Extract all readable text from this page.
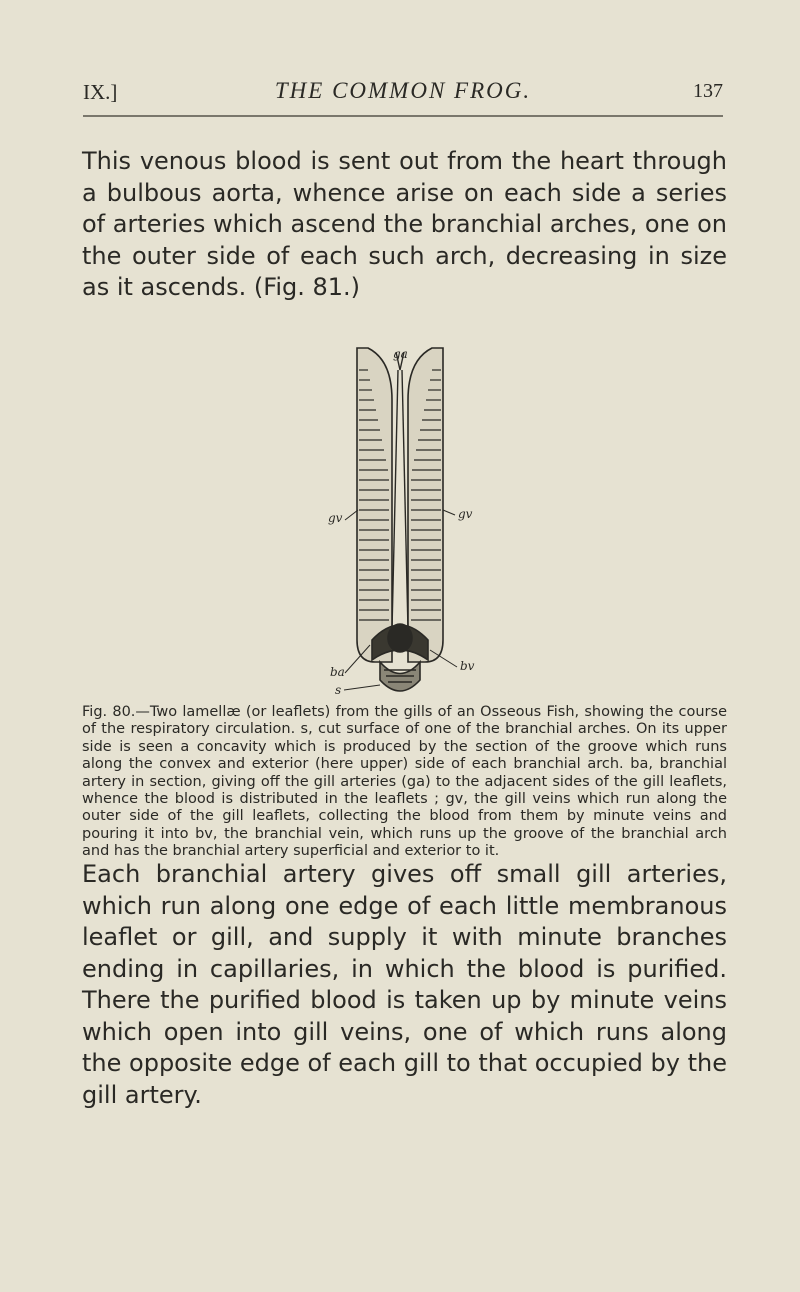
IX.]	THE COMMON FROG.	137
This venous blood is sent out from the heart through a bulbous aorta, whence arise on each side a series of arteries which ascend the branchial arches, one on the outer side of each such arch, decreasing in size as it ascends. (Fig. 81.)
ga
gv	gv
ba	bv
s
Fig. 80.—Two lamellæ (or leaflets) from the gills of an Osseous Fish, showing the course of the respiratory circulation. s, cut surface of one of the branchial arches. On its upper side is seen a concavity which is produced by the section of the groove which runs along the convex and exterior (here upper) side of each branchial arch. ba, branchial artery in section, giving off the gill arteries (ga) to the adjacent sides of the gill leaflets, whence the blood is distributed in the leaflets ; gv, the gill veins which run along the outer side of the gill leaflets, collecting the blood from them by minute veins and pouring it into bv, the branchial vein, which runs up the groove of the branchial arch and has the branchial artery superficial and exterior to it.
Each branchial artery gives off small gill arteries, which run along one edge of each little membranous leaflet or gill, and supply it with minute branches ending in capillaries, in which the blood is purified. There the purified blood is taken up by minute veins which open into gill veins, one of which runs along the opposite edge of each gill to that occupied by the gill artery.
